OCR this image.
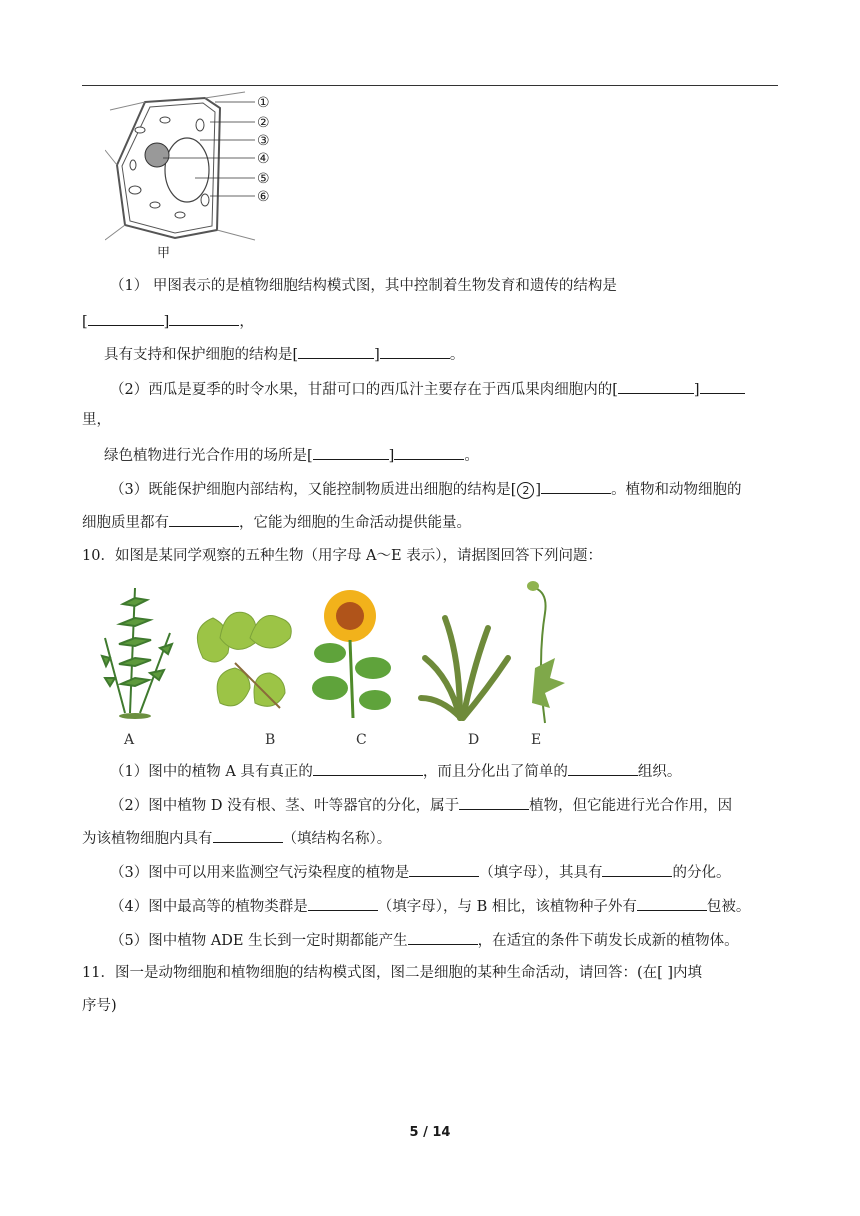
①
②
③
④
⑤
⑥
甲
（1） 甲图表示的是植物细胞结构模式图，其中控制着生物发育和遗传的结构是
[	]	，
具有支持和保护细胞的结构是[	]	。
（2）西瓜是夏季的时令水果，甘甜可口的西瓜汁主要存在于西瓜果肉细胞内的[	]
里，
绿色植物进行光合作用的场所是[	]	。
（3）既能保护细胞内部结构，又能控制物质进出细胞的结构是[ 2 ]	。植物和动物细胞的
细胞质里都有	，它能为细胞的生命活动提供能量。
10．如图是某同学观察的五种生物（用字母 A～E 表示），请据图回答下列问题：
A	B	C	D	E
（1）图中的植物 A 具有真正的	，而且分化出了简单的	组织。
（2）图中植物 D 没有根、茎、叶等器官的分化，属于	植物，但它能进行光合作用，因
为该植物细胞内具有	（填结构名称）。
（3）图中可以用来监测空气污染程度的植物是	（填字母），其具有	的分化。
（4）图中最高等的植物类群是	（填字母），与 B 相比，该植物种子外有	包被。
（5）图中植物 ADE 生长到一定时期都能产生	，在适宜的条件下萌发长成新的植物体。
11．图一是动物细胞和植物细胞的结构模式图，图二是细胞的某种生命活动，请回答：(在[ ]内填
序号)
5 / 14
